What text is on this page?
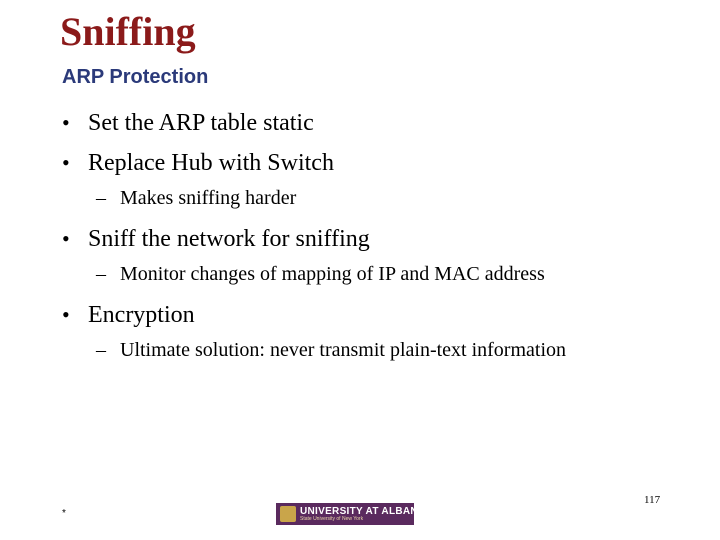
Sniffing
ARP Protection
• Set the ARP table static
• Replace Hub with Switch
– Makes sniffing harder
• Sniff the network for sniffing
– Monitor changes of mapping of IP and MAC address
• Encryption
– Ultimate solution: never transmit plain-text information
*	UNIVERSITY AT ALBANY
State University of New York
117
